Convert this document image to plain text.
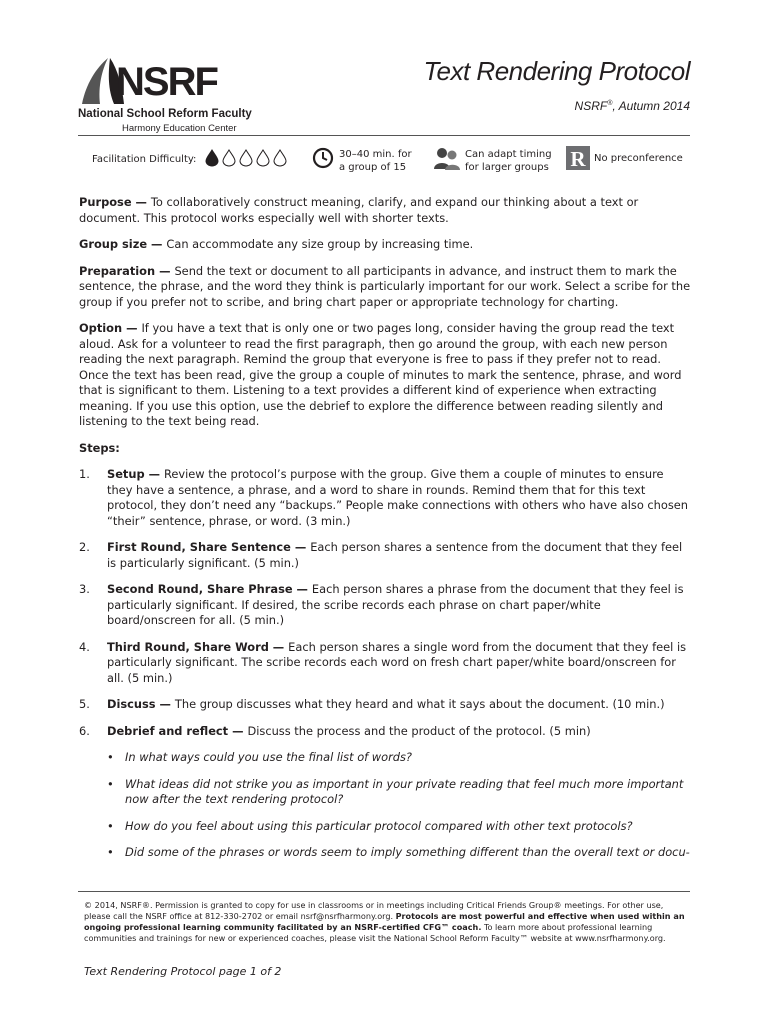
NSRF
National School Reform Faculty
Harmony Education Center
Text Rendering Protocol
NSRF®, Autumn 2014
Facilitation Difficulty:	30–40 min. for
a group of 15
Can adapt timing
for larger groups R No preconference

Purpose — To collaboratively construct meaning, clarify, and expand our thinking about a text or document. This protocol works especially well with shorter texts.

Group size — Can accommodate any size group by increasing time.

Preparation — Send the text or document to all participants in advance, and instruct them to mark the sentence, the phrase, and the word they think is particularly important for our work. Select a scribe for the group if you prefer not to scribe, and bring chart paper or appropriate technology for charting.

Option — If you have a text that is only one or two pages long, consider having the group read the text aloud. Ask for a volunteer to read the first paragraph, then go around the group, with each new person reading the next paragraph. Remind the group that everyone is free to pass if they prefer not to read. Once the text has been read, give the group a couple of minutes to mark the sentence, phrase, and word that is significant to them. Listening to a text provides a different kind of experience when extracting meaning. If you use this option, use the debrief to explore the difference between reading silently and listening to the text being read.

Steps:
1. Setup — Review the protocol’s purpose with the group. Give them a couple of minutes to ensure they have a sentence, a phrase, and a word to share in rounds. Remind them that for this text protocol, they don’t need any “backups.” People make connections with others who have also chosen “their” sentence, phrase, or word. (3 min.)
2. First Round, Share Sentence — Each person shares a sentence from the document that they feel is particularly significant. (5 min.)
3. Second Round, Share Phrase — Each person shares a phrase from the document that they feel is particularly significant. If desired, the scribe records each phrase on chart paper/white board/onscreen for all. (5 min.)
4. Third Round, Share Word — Each person shares a single word from the document that they feel is particularly significant. The scribe records each word on fresh chart paper/white board/onscreen for all. (5 min.)
5. Discuss — The group discusses what they heard and what it says about the document. (10 min.)
6. Debrief and reflect — Discuss the process and the product of the protocol. (5 min)
• In what ways could you use the final list of words?
• What ideas did not strike you as important in your private reading that feel much more important now after the text rendering protocol?
• How do you feel about using this particular protocol compared with other text protocols?
• Did some of the phrases or words seem to imply something different than the overall text or docu-
© 2014, NSRF®. Permission is granted to copy for use in classrooms or in meetings including Critical Friends Group® meetings. For other use, please call the NSRF office at 812-330-2702 or email nsrf@nsrfharmony.org. Protocols are most powerful and effective when used within an ongoing professional learning community facilitated by an NSRF-certified CFG™ coach. To learn more about professional learning communities and trainings for new or experienced coaches, please visit the National School Reform Faculty™ website at www.nsrfharmony.org.
Text Rendering Protocol page 1 of 2
